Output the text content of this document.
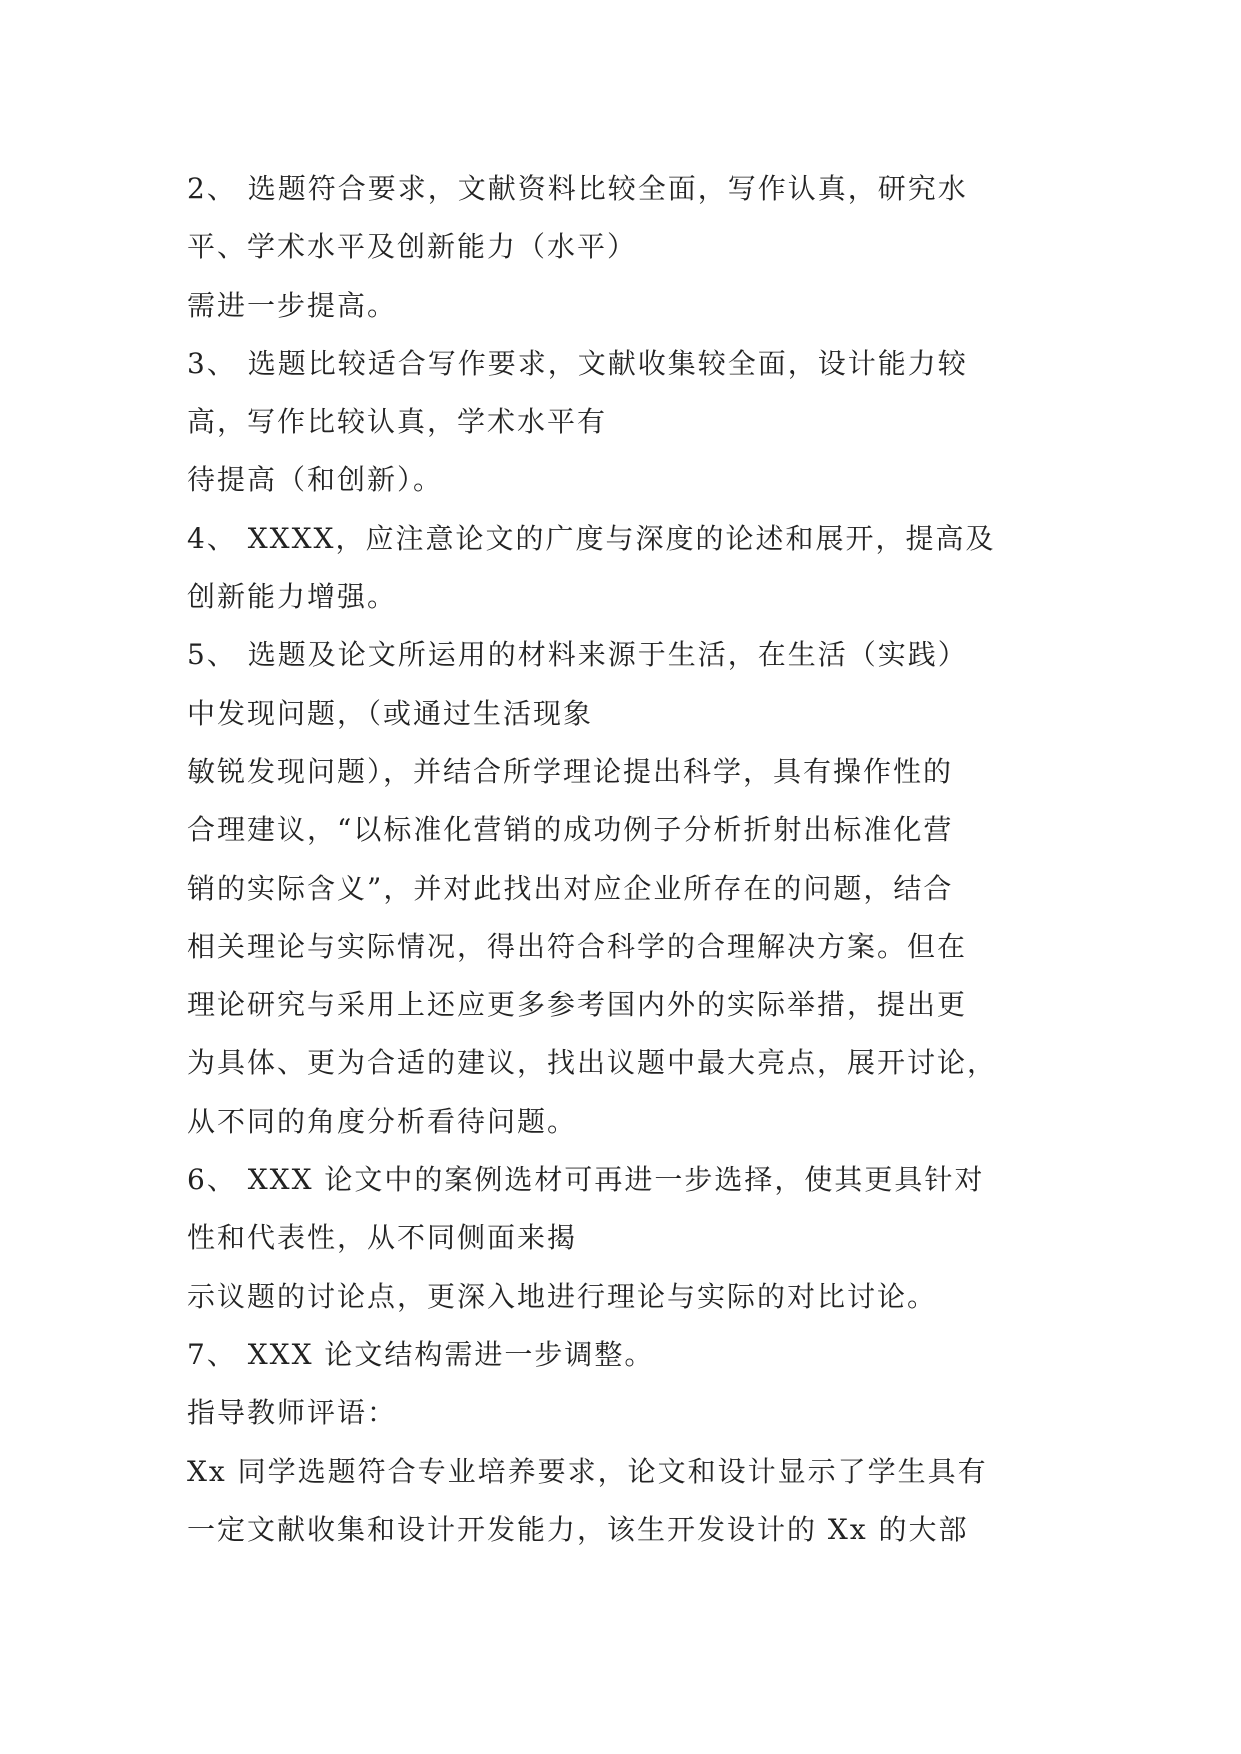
2、 选题符合要求，文献资料比较全面，写作认真，研究水
平、学术水平及创新能力（水平）
需进一步提高。
3、 选题比较适合写作要求，文献收集较全面，设计能力较
高，写作比较认真，学术水平有
待提高（和创新）。
4、 XXXX，应注意论文的广度与深度的论述和展开，提高及
创新能力增强。
5、 选题及论文所运用的材料来源于生活，在生活（实践）
中发现问题，（或通过生活现象
敏锐发现问题），并结合所学理论提出科学，具有操作性的
合理建议，“以标准化营销的成功例子分析折射出标准化营
销的实际含义”，并对此找出对应企业所存在的问题，结合
相关理论与实际情况，得出符合科学的合理解决方案。但在
理论研究与采用上还应更多参考国内外的实际举措，提出更
为具体、更为合适的建议，找出议题中最大亮点，展开讨论，
从不同的角度分析看待问题。
6、 XXX 论文中的案例选材可再进一步选择，使其更具针对
性和代表性，从不同侧面来揭
示议题的讨论点，更深入地进行理论与实际的对比讨论。
7、 XXX 论文结构需进一步调整。
指导教师评语：
Xx 同学选题符合专业培养要求，论文和设计显示了学生具有
一定文献收集和设计开发能力，该生开发设计的 Xx 的大部
